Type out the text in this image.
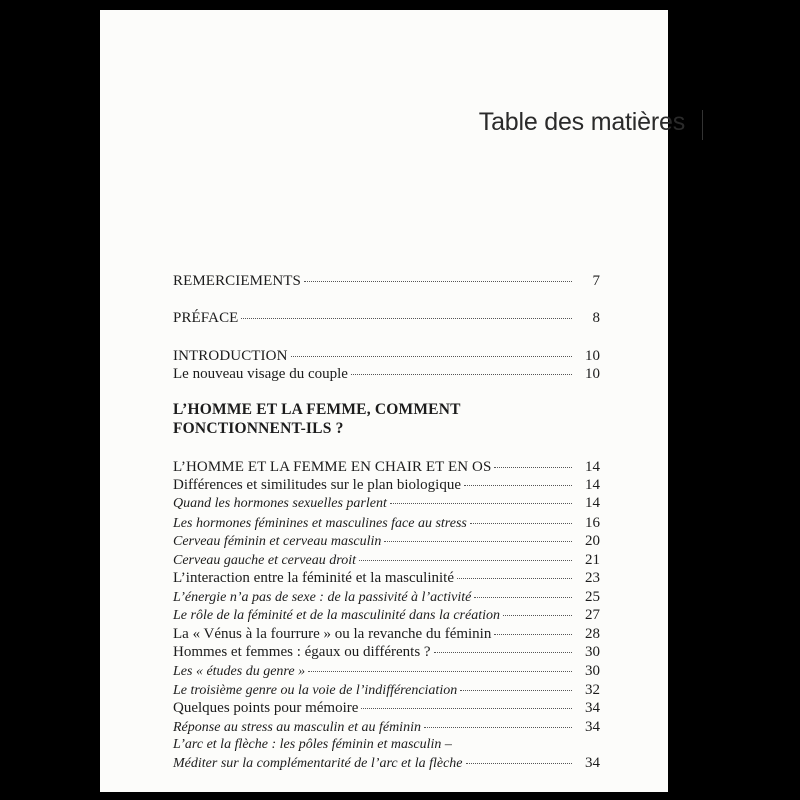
Table des matières
REMERCIEMENTS	7
PRÉFACE	8
INTRODUCTION	10
Le nouveau visage du couple	10
L’HOMME ET LA FEMME, COMMENT FONCTIONNENT-ILS ?
L’HOMME ET LA FEMME EN CHAIR ET EN OS	14
Différences et similitudes sur le plan biologique	14
Quand les hormones sexuelles parlent	14
Les hormones féminines et masculines face au stress	16
Cerveau féminin et cerveau masculin	20
Cerveau gauche et cerveau droit	21
L’interaction entre la féminité et la masculinité	23
L’énergie n’a pas de sexe : de la passivité à l’activité	25
Le rôle de la féminité et de la masculinité dans la création	27
La « Vénus à la fourrure » ou la revanche du féminin	28
Hommes et femmes : égaux ou différents ?	30
Les « études du genre »	30
Le troisième genre ou la voie de l’indifférenciation	32
Quelques points pour mémoire	34
Réponse au stress au masculin et au féminin	34
L’arc et la flèche : les pôles féminin et masculin –
Méditer sur la complémentarité de l’arc et la flèche	34
